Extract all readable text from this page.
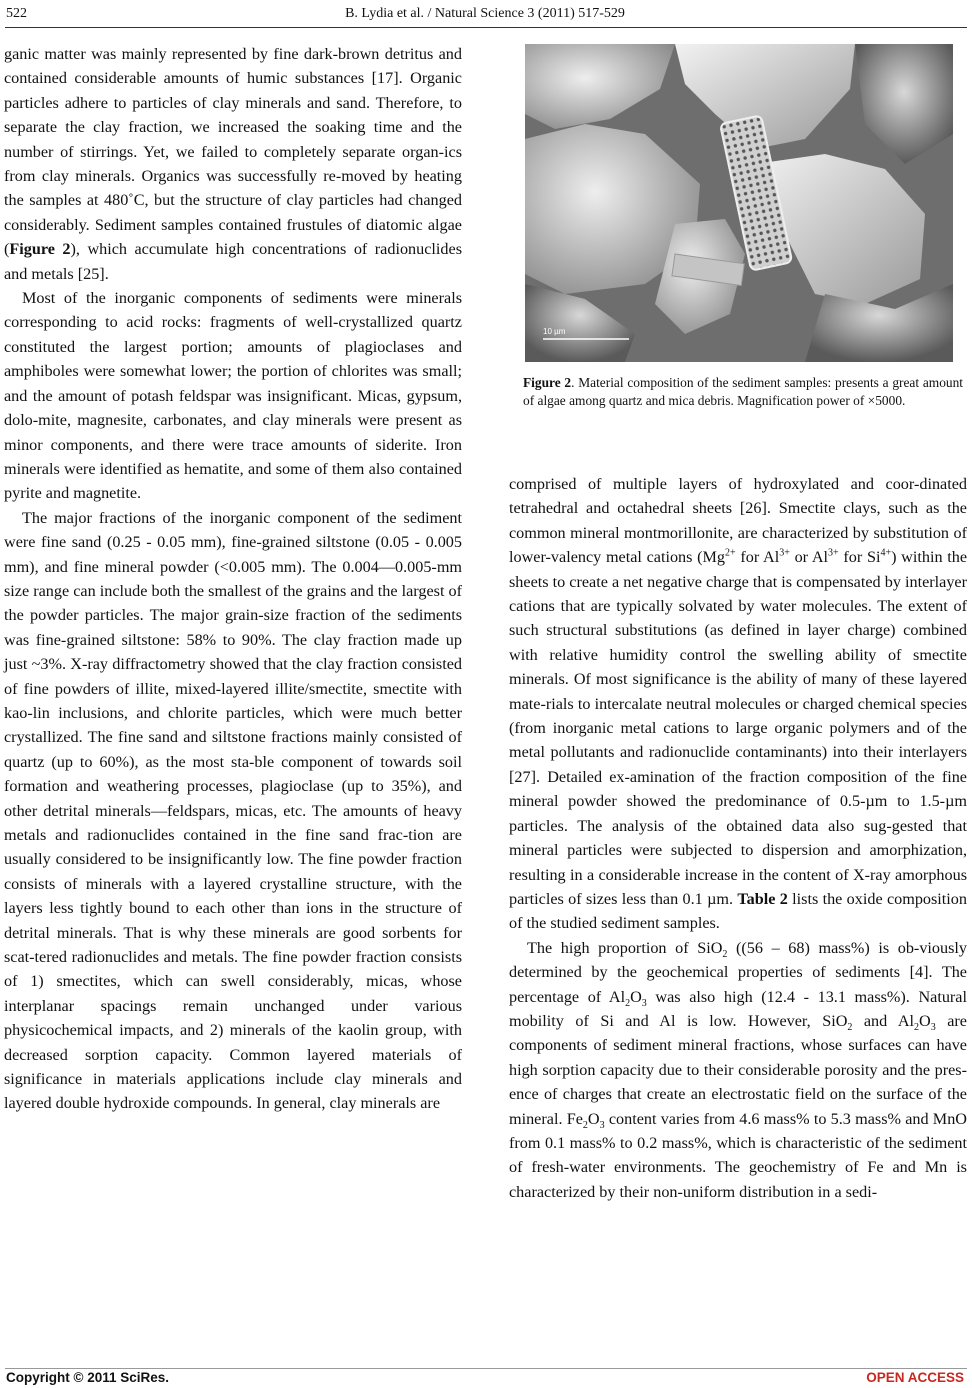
522	B. Lydia et al. / Natural Science 3 (2011) 517-529

ganic matter was mainly represented by fine dark-brown detritus and contained considerable amounts of humic substances [17]. Organic particles adhere to particles of clay minerals and sand. Therefore, to separate the clay fraction, we increased the soaking time and the number of stirrings. Yet, we failed to completely separate organ-ics from clay minerals. Organics was successfully re-moved by heating the samples at 480˚C, but the structure of clay particles had changed considerably. Sediment samples contained frustules of diatomic algae (Figure 2), which accumulate high concentrations of radionuclides and metals [25].

Most of the inorganic components of sediments were minerals corresponding to acid rocks: fragments of well-crystallized quartz constituted the largest portion; amounts of plagioclases and amphiboles were somewhat lower; the portion of chlorites was small; and the amount of potash feldspar was insignificant. Micas, gypsum, dolo-mite, magnesite, carbonates, and clay minerals were present as minor components, and there were trace amounts of siderite. Iron minerals were identified as hematite, and some of them also contained pyrite and magnetite.

The major fractions of the inorganic component of the sediment were fine sand (0.25 - 0.05 mm), fine-grained siltstone (0.05 - 0.005 mm), and fine mineral powder (<0.005 mm). The 0.004—0.005-mm size range can include both the smallest of the grains and the largest of the powder particles. The major grain-size fraction of the sediments was fine-grained siltstone: 58% to 90%. The clay fraction made up just ~3%. X-ray diffractometry showed that the clay fraction consisted of fine powders of illite, mixed-layered illite/smectite, smectite with kao-lin inclusions, and chlorite particles, which were much better crystallized. The fine sand and siltstone fractions mainly consisted of quartz (up to 60%), as the most sta-ble component of towards soil formation and weathering processes, plagioclase (up to 35%), and other detrital minerals—feldspars, micas, etc. The amounts of heavy metals and radionuclides contained in the fine sand frac-tion are usually considered to be insignificantly low. The fine powder fraction consists of minerals with a layered crystalline structure, with the layers less tightly bound to each other than ions in the structure of detrital minerals. That is why these minerals are good sorbents for scat-tered radionuclides and metals. The fine powder fraction consists of 1) smectites, which can swell considerably, micas, whose interplanar spacings remain unchanged under various physicochemical impacts, and 2) minerals of the kaolin group, with decreased sorption capacity. Common layered materials of significance in materials applications include clay minerals and layered double hydroxide compounds. In general, clay minerals are

10 µm
Figure 2. Material composition of the sediment samples: presents a great amount of algae among quartz and mica debris. Magnification power of ×5000.

comprised of multiple layers of hydroxylated and coor-dinated tetrahedral and octahedral sheets [26]. Smectite clays, such as the common mineral montmorillonite, are characterized by substitution of lower-valency metal cations ($Mg^{2+}$ for $Al^{3+}$ or $Al^{3+}$ for $Si^{4+}$) within the sheets to create a net negative charge that is compensated by interlayer cations that are typically solvated by water molecules. The extent of such structural substitutions (as defined in layer charge) combined with relative humidity control the swelling ability of smectite minerals. Of most significance is the ability of many of these layered mate-rials to intercalate neutral molecules or charged chemical species (from inorganic metal cations to large organic polymers and of the metal pollutants and radionuclide contaminants) into their interlayers [27]. Detailed ex-amination of the fraction composition of the fine mineral powder showed the predominance of 0.5-µm to 1.5-µm particles. The analysis of the obtained data also sug-gested that mineral particles were subjected to dispersion and amorphization, resulting in a considerable increase in the content of X-ray amorphous particles of sizes less than 0.1 µm. Table 2 lists the oxide composition of the studied sediment samples.

The high proportion of SiO$_2$ ((56 – 68) mass%) is ob-viously determined by the geochemical properties of sediments [4]. The percentage of $Al_2O_3$ was also high (12.4 - 13.1 mass%). Natural mobility of Si and Al is low. However, SiO$_2$ and $Al_2O_3$ are components of sediment mineral fractions, whose surfaces can have high sorption capacity due to their considerable porosity and the pres-ence of charges that create an electrostatic field on the surface of the mineral. $Fe_2O_3$ content varies from 4.6 mass% to 5.3 mass% and MnO from 0.1 mass% to 0.2 mass%, which is characteristic of the sediment of fresh-water environments. The geochemistry of Fe and Mn is characterized by their non-uniform distribution in a sedi-

Copyright © 2011 SciRes.	OPEN ACCESS
